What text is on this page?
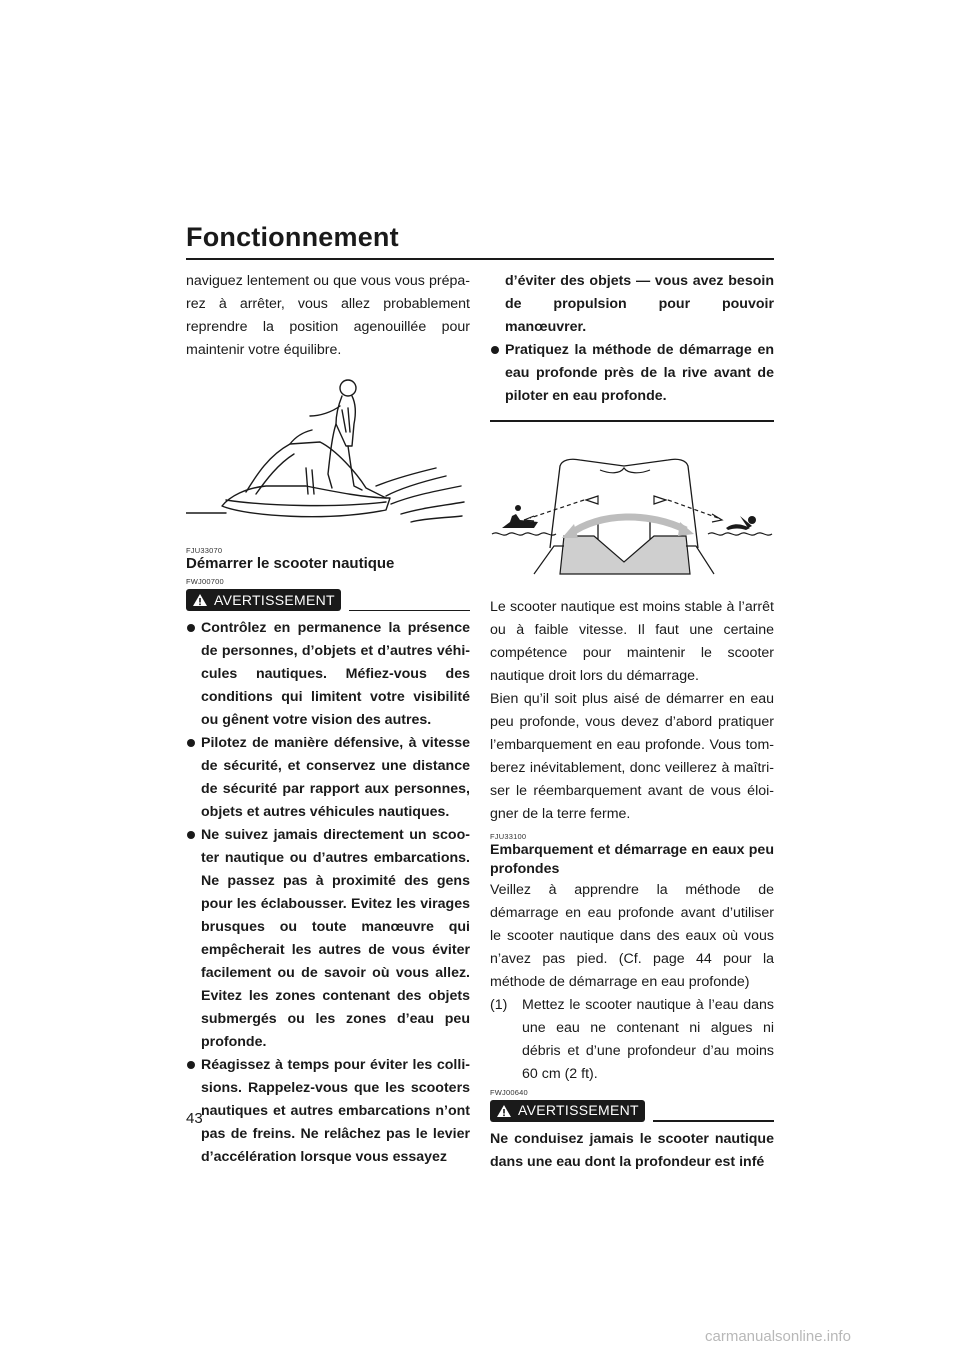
Fonctionnement

naviguez lentement ou que vous vous préparez à arrêter, vous allez probablement reprendre la position agenouillée pour maintenir votre équilibre.

FJU33070

Démarrer le scooter nautique

FWJ00700

AVERTISSEMENT
Contrôlez en permanence la présence de personnes, d’objets et d’autres véhicules nautiques. Méfiez-vous des conditions qui limitent votre visibilité ou gênent votre vision des autres.
Pilotez de manière défensive, à vitesse de sécurité, et conservez une distance de sécurité par rapport aux personnes, objets et autres véhicules nautiques.
Ne suivez jamais directement un scooter nautique ou d’autres embarcations. Ne passez pas à proximité des gens pour les éclabousser. Evitez les virages brusques ou toute manœuvre qui empêcherait les autres de vous éviter facilement ou de savoir où vous allez. Evitez les zones contenant des objets submergés ou les zones d’eau peu profonde.
Réagissez à temps pour éviter les collisions. Rappelez-vous que les scooters nautiques et autres embarcations n’ont pas de freins. Ne relâchez pas le levier d’accélération lorsque vous essayez

d’éviter des objets — vous avez besoin de propulsion pour pouvoir manœuvrer.

Pratiquez la méthode de démarrage en eau profonde près de la rive avant de piloter en eau profonde.

Le scooter nautique est moins stable à l’arrêt ou à faible vitesse. Il faut une certaine compétence pour maintenir le scooter nautique droit lors du démarrage.

Bien qu’il soit plus aisé de démarrer en eau peu profonde, vous devez d’abord pratiquer l’embarquement en eau profonde. Vous tomberez inévitablement, donc veillerez à maîtriser le réembarquement avant de vous éloigner de la terre ferme.

FJU33100

Embarquement et démarrage en eaux peu profondes

Veillez à apprendre la méthode de démarrage en eau profonde avant d’utiliser le scooter nautique dans des eaux où vous n’avez pas pied. (Cf. page 44 pour la méthode de démarrage en eau profonde)

(1) Mettez le scooter nautique à l’eau dans une eau ne contenant ni algues ni débris et d’une profondeur d’au moins 60 cm (2 ft).

FWJ00640

AVERTISSEMENT

Ne conduisez jamais le scooter nautique dans une eau dont la profondeur est infé

43
carmanualsonline.info
